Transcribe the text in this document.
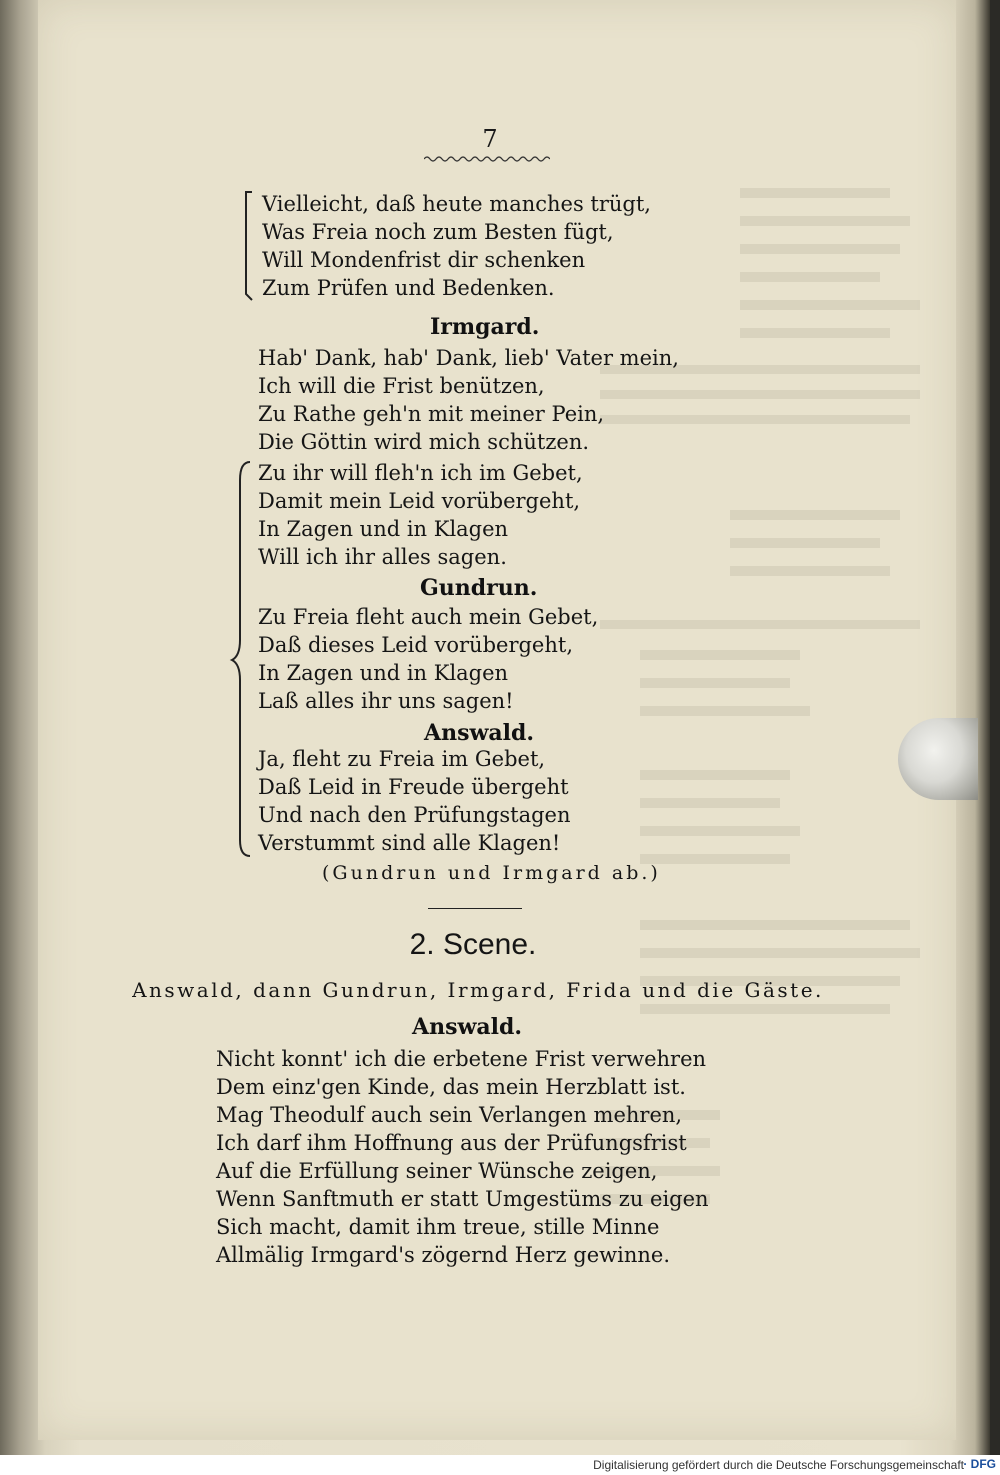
7
Vielleicht, daß heute manches trügt,
Was Freia noch zum Besten fügt,
Will Mondenfrist dir schenken
Zum Prüfen und Bedenken.
Irmgard.
Hab' Dank, hab' Dank, lieb' Vater mein,
Ich will die Frist benützen,
Zu Rathe geh'n mit meiner Pein,
Die Göttin wird mich schützen.
Zu ihr will fleh'n ich im Gebet,
Damit mein Leid vorübergeht,
In Zagen und in Klagen
Will ich ihr alles sagen.
Gundrun.
Zu Freia fleht auch mein Gebet,
Daß dieses Leid vorübergeht,
In Zagen und in Klagen
Laß alles ihr uns sagen!
Answald.
Ja, fleht zu Freia im Gebet,
Daß Leid in Freude übergeht
Und nach den Prüfungstagen
Verstummt sind alle Klagen!
(Gundrun und Irmgard ab.)
2. Scene.
Answald, dann Gundrun, Irmgard, Frida und die Gäste.
Answald.
Nicht konnt' ich die erbetene Frist verwehren
Dem einz'gen Kinde, das mein Herzblatt ist.
Mag Theodulf auch sein Verlangen mehren,
Ich darf ihm Hoffnung aus der Prüfungsfrist
Auf die Erfüllung seiner Wünsche zeigen,
Wenn Sanftmuth er statt Umgestüms zu eigen
Sich macht, damit ihm treue, stille Minne
Allmälig Irmgard's zögernd Herz gewinne.
Digitalisierung gefördert durch die Deutsche Forschungsgemeinschaft · DFG
